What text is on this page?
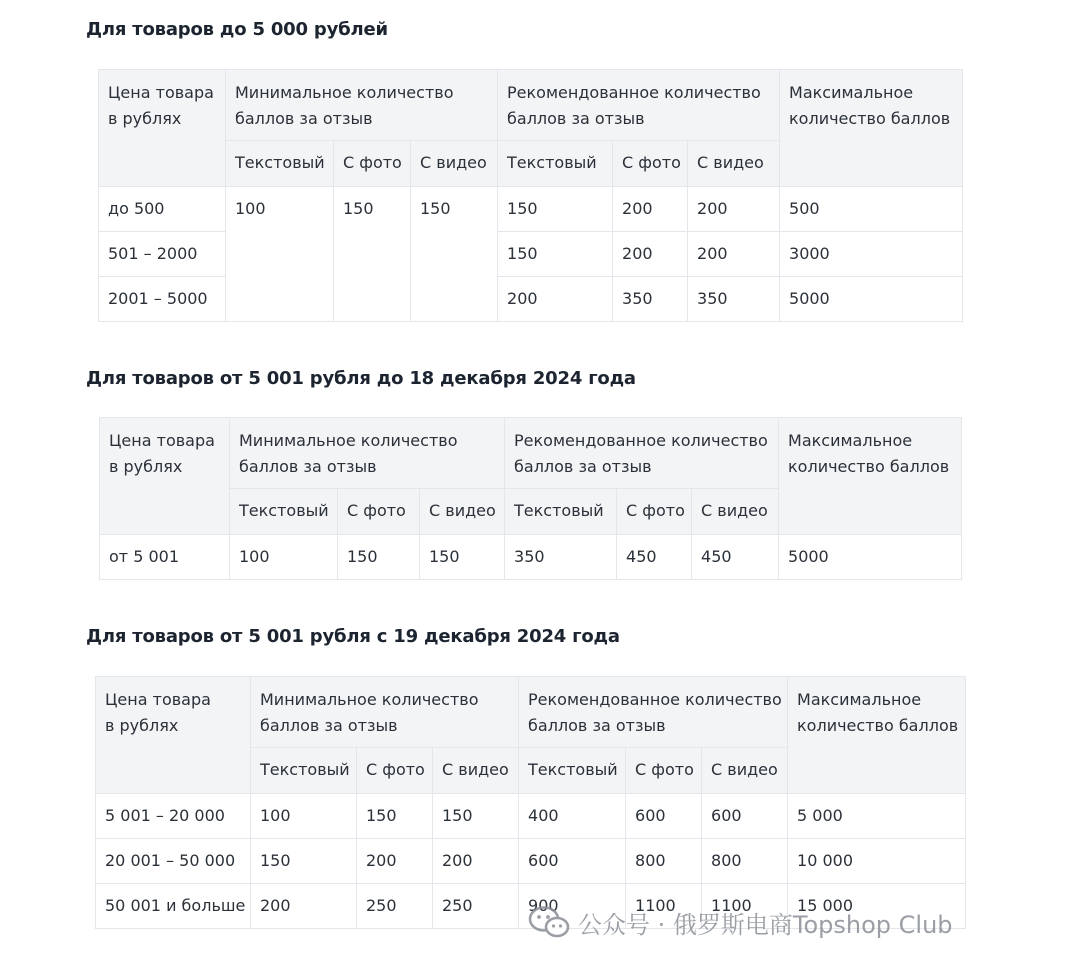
Для товаров до 5 000 рублей
Цена товара
в рублях	Минимальное количество
баллов за отзыв			Рекомендованное количество
баллов за отзыв			Максимальное
количество баллов
	Текстовый	С фото	С видео	Текстовый	С фото	С видео	
до 500	100	150	150	150	200	200	500
501 – 2000				150	200	200	3000
2001 – 5000				200	350	350	5000
Для товаров от 5 001 рубля до 18 декабря 2024 года
Цена товара
в рублях	Минимальное количество
баллов за отзыв			Рекомендованное количество
баллов за отзыв			Максимальное
количество баллов
	Текстовый	С фото	С видео	Текстовый	С фото	С видео	
от 5 001	100	150	150	350	450	450	5000
Для товаров от 5 001 рубля с 19 декабря 2024 года
Цена товара
в рублях	Минимальное количество
баллов за отзыв			Рекомендованное количество
баллов за отзыв			Максимальное
количество баллов
	Текстовый	С фото	С видео	Текстовый	С фото	С видео	
5 001 – 20 000	100	150	150	400	600	600	5 000
20 001 – 50 000	150	200	200	600	800	800	10 000
50 001 и больше	200	250	250	900	1100	1100	15 000
公众号 · 俄罗斯电商Topshop Club
